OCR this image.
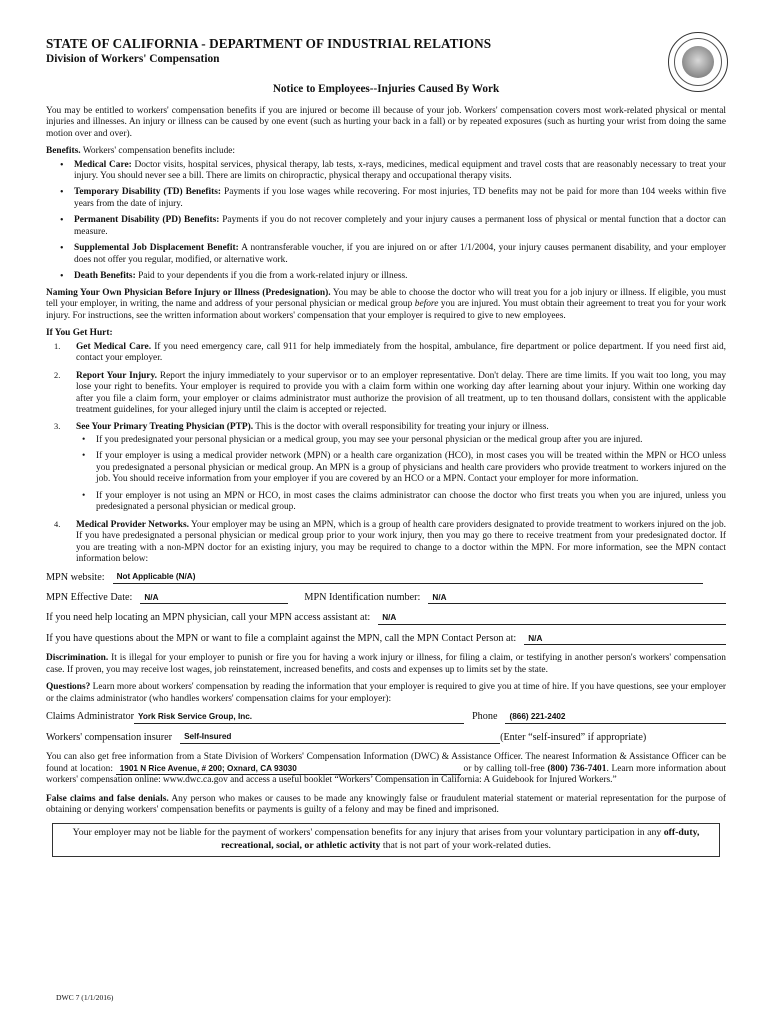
STATE OF CALIFORNIA - DEPARTMENT OF INDUSTRIAL RELATIONS
Division of Workers' Compensation
Notice to Employees--Injuries Caused By Work

You may be entitled to workers' compensation benefits if you are injured or become ill because of your job. Workers' compensation covers most work-related physical or mental injuries and illnesses. An injury or illness can be caused by one event (such as hurting your back in a fall) or by repeated exposures (such as hurting your wrist from doing the same motion over and over).

Benefits. Workers' compensation benefits include:
• Medical Care: Doctor visits, hospital services, physical therapy, lab tests, x-rays, medicines, medical equipment and travel costs that are reasonably necessary to treat your injury. You should never see a bill. There are limits on chiropractic, physical therapy and occupational therapy visits.
• Temporary Disability (TD) Benefits: Payments if you lose wages while recovering. For most injuries, TD benefits may not be paid for more than 104 weeks within five years from the date of injury.
• Permanent Disability (PD) Benefits: Payments if you do not recover completely and your injury causes a permanent loss of physical or mental function that a doctor can measure.
• Supplemental Job Displacement Benefit: A nontransferable voucher, if you are injured on or after 1/1/2004, your injury causes permanent disability, and your employer does not offer you regular, modified, or alternative work.
• Death Benefits: Paid to your dependents if you die from a work-related injury or illness.

Naming Your Own Physician Before Injury or Illness (Predesignation). You may be able to choose the doctor who will treat you for a job injury or illness. If eligible, you must tell your employer, in writing, the name and address of your personal physician or medical group before you are injured. You must obtain their agreement to treat you for your work injury. For instructions, see the written information about workers' compensation that your employer is required to give to new employees.

If You Get Hurt:
1. Get Medical Care. If you need emergency care, call 911 for help immediately from the hospital, ambulance, fire department or police department. If you need first aid, contact your employer.
2. Report Your Injury. Report the injury immediately to your supervisor or to an employer representative. Don't delay. There are time limits. If you wait too long, you may lose your right to benefits. Your employer is required to provide you with a claim form within one working day after learning about your injury. Within one working day after you file a claim form, your employer or claims administrator must authorize the provision of all treatment, up to ten thousand dollars, consistent with the applicable treatment guidelines, for your alleged injury until the claim is accepted or rejected.
3. See Your Primary Treating Physician (PTP). This is the doctor with overall responsibility for treating your injury or illness.
• If you predesignated your personal physician or a medical group, you may see your personal physician or the medical group after you are injured.
• If your employer is using a medical provider network (MPN) or a health care organization (HCO), in most cases you will be treated within the MPN or HCO unless you predesignated a personal physician or medical group. An MPN is a group of physicians and health care providers who provide treatment to workers injured on the job. You should receive information from your employer if you are covered by an HCO or a MPN. Contact your employer for more information.
• If your employer is not using an MPN or HCO, in most cases the claims administrator can choose the doctor who first treats you when you are injured, unless you predesignated a personal physician or medical group.
4. Medical Provider Networks. Your employer may be using an MPN, which is a group of health care providers designated to provide treatment to workers injured on the job. If you have predesignated a personal physician or medical group prior to your work injury, then you may go there to receive treatment from your predesignated doctor. If you are treating with a non-MPN doctor for an existing injury, you may be required to change to a doctor within the MPN. For more information, see the MPN contact information below:
MPN website:	Not Applicable (N/A)
MPN Effective Date:	N/A	MPN Identification number:	N/A
If you need help locating an MPN physician, call your MPN access assistant at:	N/A
If you have questions about the MPN or want to file a complaint against the MPN, call the MPN Contact Person at:	N/A

Discrimination. It is illegal for your employer to punish or fire you for having a work injury or illness, for filing a claim, or testifying in another person's workers' compensation case. If proven, you may receive lost wages, job reinstatement, increased benefits, and costs and expenses up to limits set by the state.

Questions? Learn more about workers' compensation by reading the information that your employer is required to give you at time of hire. If you have questions, see your employer or the claims administrator (who handles workers' compensation claims for your employer):

Claims Administrator York Risk Service Group, Inc.	Phone	(866) 221-2402
Workers' compensation insurer	Self-Insured	(Enter “self-insured” if appropriate)

You can also get free information from a State Division of Workers' Compensation Information (DWC) & Assistance Officer. The nearest Information & Assistance Officer can be found at location: 1901 N Rice Avenue, # 200; Oxnard, CA 93030	or by calling toll-free (800) 736-7401. Learn more information about workers' compensation online: www.dwc.ca.gov and access a useful booklet “Workers’ Compensation in California: A Guidebook for Injured Workers.”

False claims and false denials. Any person who makes or causes to be made any knowingly false or fraudulent material statement or material representation for the purpose of obtaining or denying workers' compensation benefits or payments is guilty of a felony and may be fined and imprisoned.

Your employer may not be liable for the payment of workers' compensation benefits for any injury that arises from your voluntary participation in any off-duty, recreational, social, or athletic activity that is not part of your work-related duties.
DWC 7 (1/1/2016)
